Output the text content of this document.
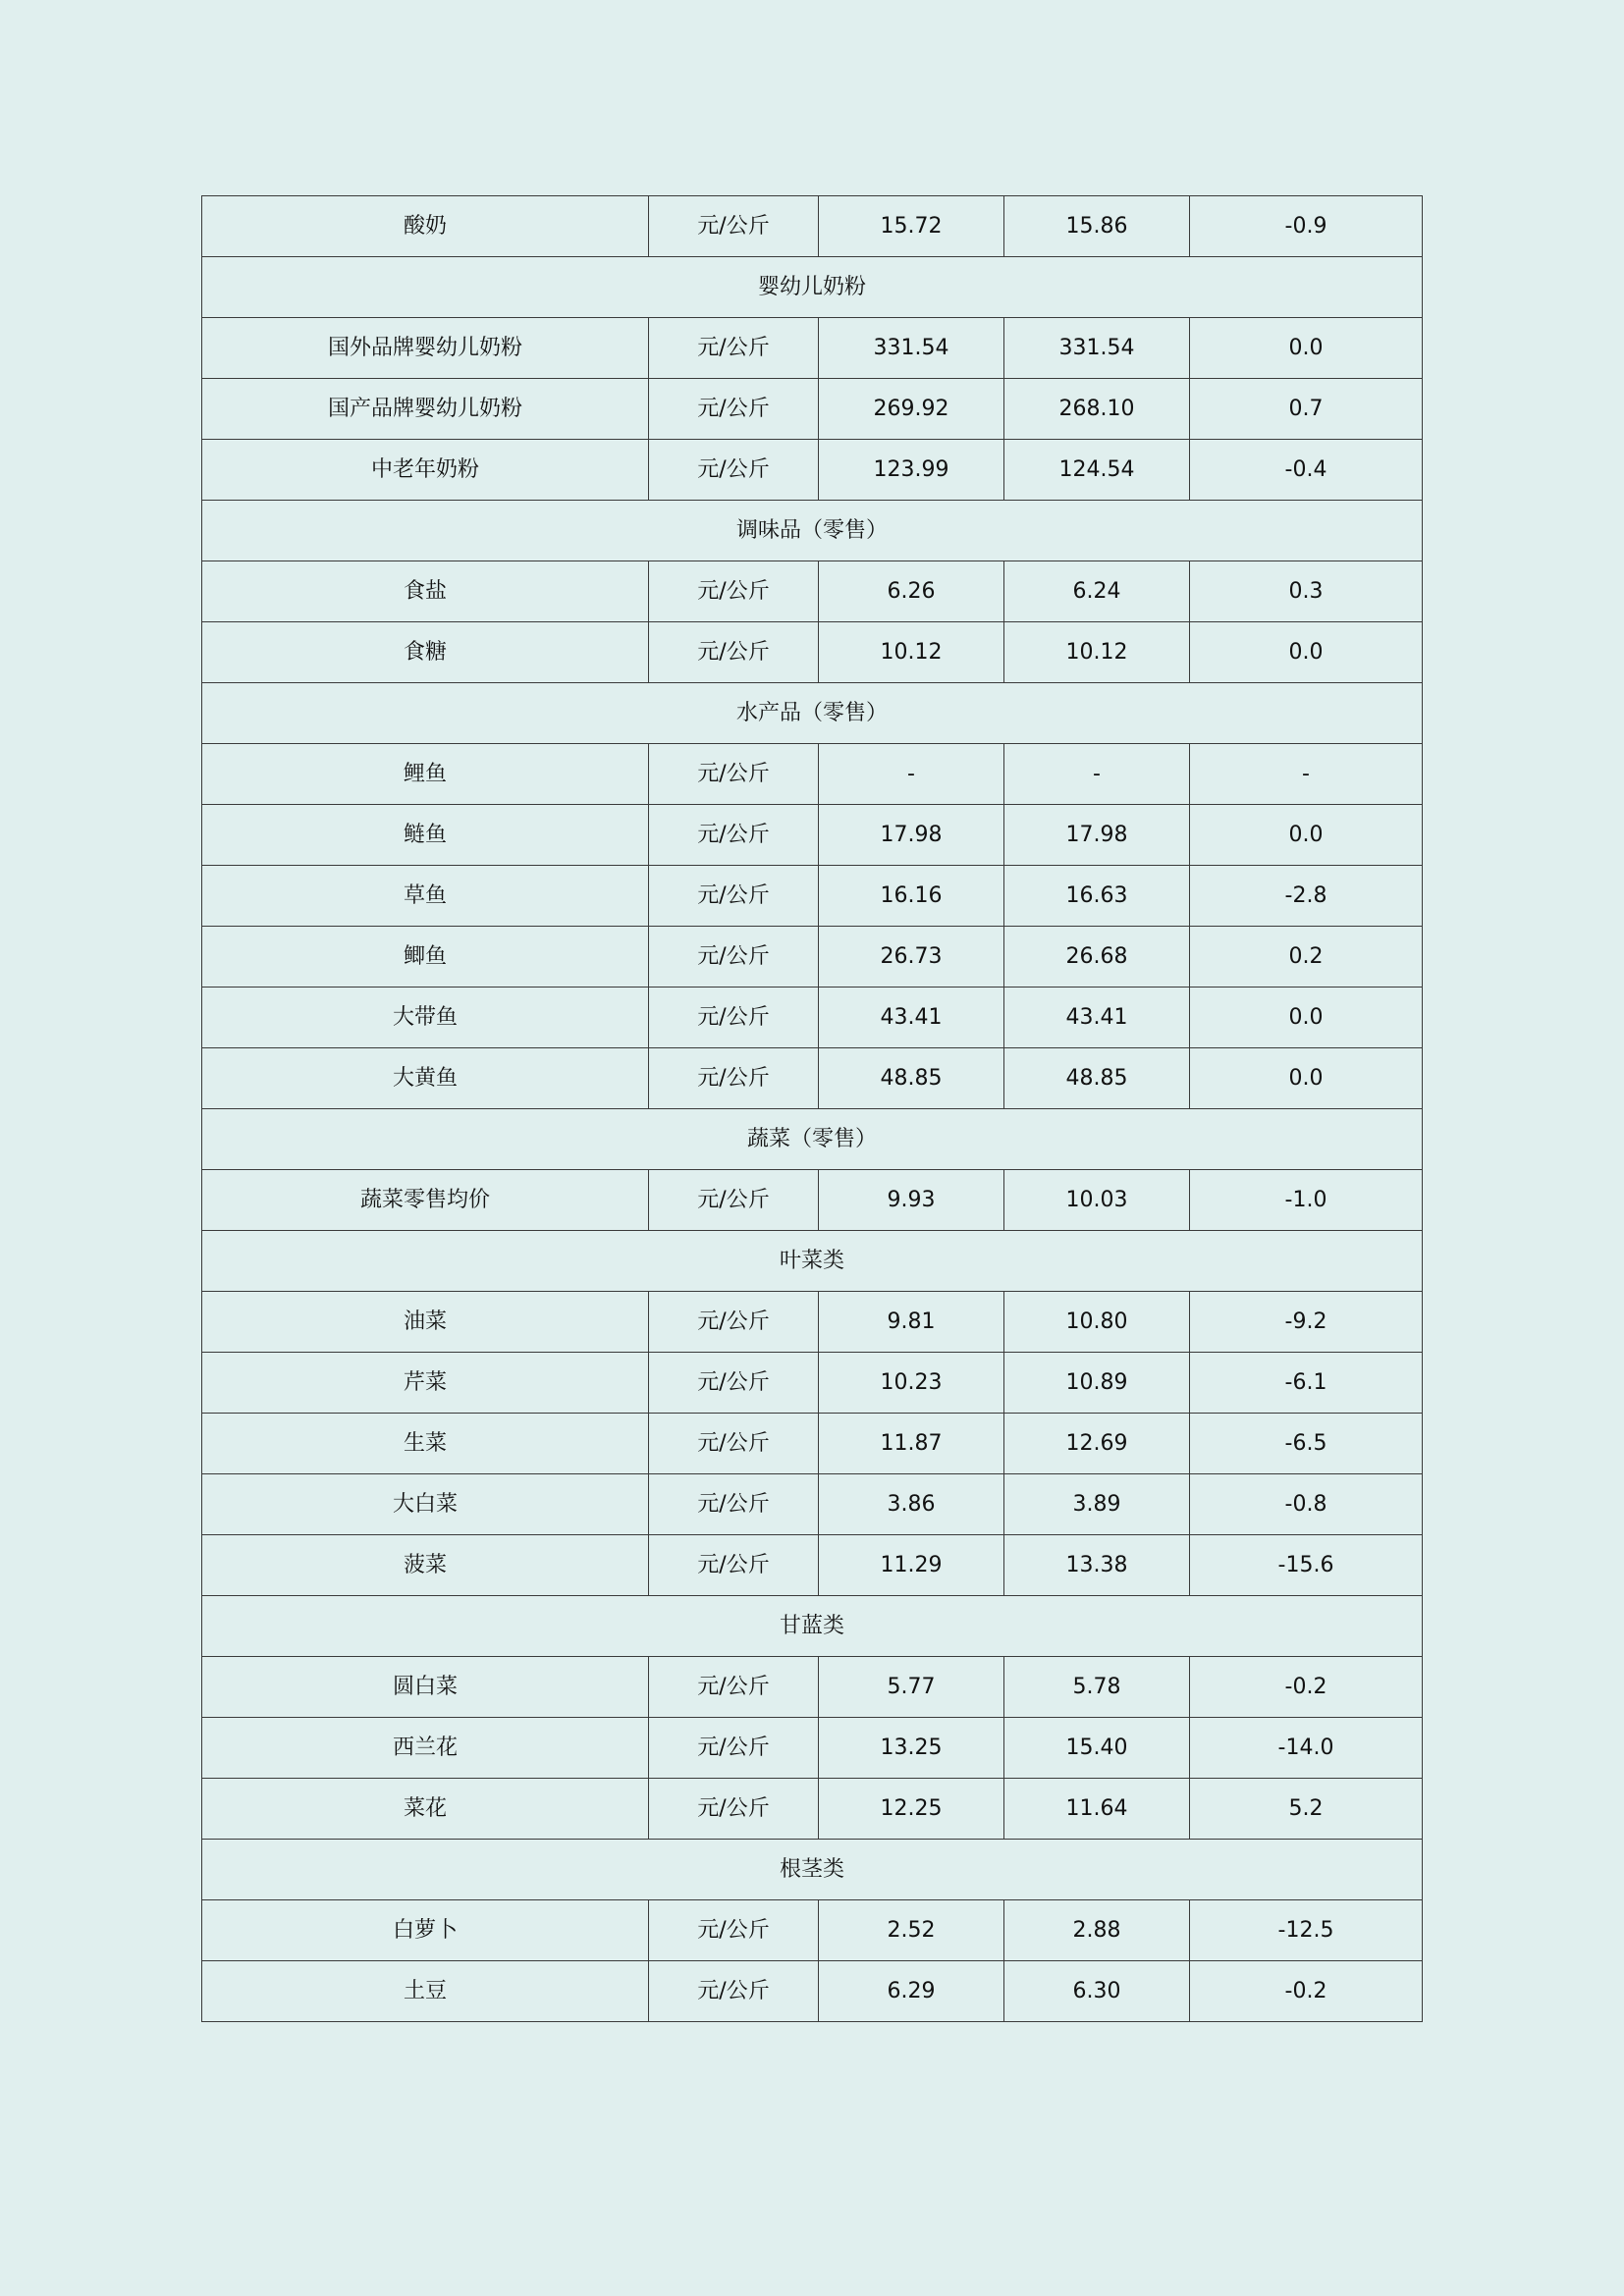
酸奶	元/公斤	15.72	15.86	-0.9
婴幼儿奶粉				
国外品牌婴幼儿奶粉	元/公斤	331.54	331.54	0.0
国产品牌婴幼儿奶粉	元/公斤	269.92	268.10	0.7
中老年奶粉	元/公斤	123.99	124.54	-0.4
调味品（零售）				
食盐	元/公斤	6.26	6.24	0.3
食糖	元/公斤	10.12	10.12	0.0
水产品（零售）				
鲤鱼	元/公斤	-	-	-
鲢鱼	元/公斤	17.98	17.98	0.0
草鱼	元/公斤	16.16	16.63	-2.8
鲫鱼	元/公斤	26.73	26.68	0.2
大带鱼	元/公斤	43.41	43.41	0.0
大黄鱼	元/公斤	48.85	48.85	0.0
蔬菜（零售）				
蔬菜零售均价	元/公斤	9.93	10.03	-1.0
叶菜类				
油菜	元/公斤	9.81	10.80	-9.2
芹菜	元/公斤	10.23	10.89	-6.1
生菜	元/公斤	11.87	12.69	-6.5
大白菜	元/公斤	3.86	3.89	-0.8
菠菜	元/公斤	11.29	13.38	-15.6
甘蓝类				
圆白菜	元/公斤	5.77	5.78	-0.2
西兰花	元/公斤	13.25	15.40	-14.0
菜花	元/公斤	12.25	11.64	5.2
根茎类				
白萝卜	元/公斤	2.52	2.88	-12.5
土豆	元/公斤	6.29	6.30	-0.2
